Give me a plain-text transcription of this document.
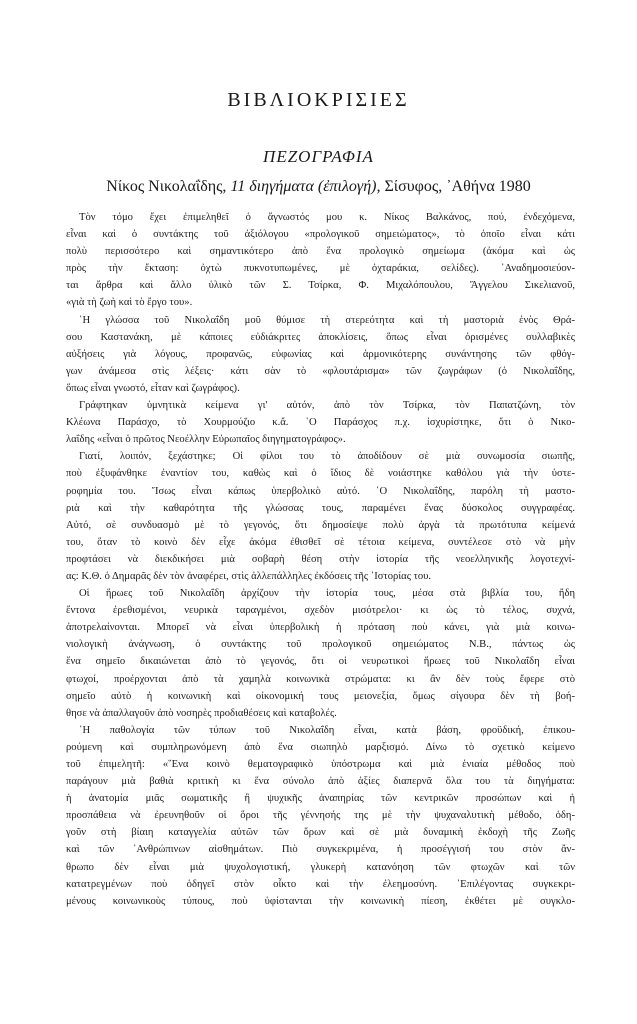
ΒΙΒΛΙΟΚΡΙΣΙΕΣ
ΠΕΖΟΓΡΑΦΙΑ
Νίκος Νικολαΐδης, 11 διηγήματα (ἐπιλογή), Σίσυφος, ᾿Αθήνα 1980
Τὸν τόμο ἔχει ἐπιμεληθεῖ ὁ ἄγνωστός μου κ. Νίκος Βαλκάνος, πού, ἐνδεχόμενα,
εἶναι καὶ ὁ συντάκτης τοῦ ἀξιόλογου «προλογικοῦ σημειώματος», τὸ ὁποῖο εἶναι κάτι
πολὺ περισσότερο καὶ σημαντικότερο ἀπὸ ἕνα προλογικὸ σημείωμα (ἀκόμα καὶ ὡς
πρὸς τὴν ἔκταση: ὀχτὼ πυκνοτυπωμένες, μὲ ὀχταράκια, σελίδες). ᾿Αναδημοσιεύον-
ται ἄρθρα καὶ ἄλλο ὑλικὸ τῶν Σ. Τσίρκα, Φ. Μιχαλόπουλου, Ἄγγελου Σικελιανοῦ,
«γιὰ τὴ ζωὴ καὶ τὸ ἔργο του».
῾Η γλώσσα τοῦ Νικολαΐδη μοῦ θύμισε τὴ στερεότητα καὶ τὴ μαστοριὰ ἑνὸς Θρά-
σου Καστανάκη, μὲ κάποιες εὐδιάκριτες ἀποκλίσεις, ὅπως εἶναι ὁρισμένες συλλαβικὲς
αὐξήσεις γιὰ λόγους, προφανῶς, εὐφωνίας καὶ ἁρμονικότερης συνάντησης τῶν φθόγ-
γων ἀνάμεσα στὶς λέξεις· κάτι σὰν τὸ «φλουτάρισμα» τῶν ζωγράφων (ὁ Νικολαΐδης,
ὅπως εἶναι γνωστό, εἶταν καὶ ζωγράφος).
Γράφτηκαν ὑμνητικὰ κείμενα γι' αὐτόν, ἀπὸ τὸν Τσίρκα, τὸν Παπατζώνη, τὸν
Κλέωνα Παράσχο, τὸ Χουρμούζιο κ.ἄ. ῾Ο Παράσχος π.χ. ἰσχυρίστηκε, ὅτι ὁ Νικο-
λαΐδης «εἶναι ὁ πρῶτος Νεοέλλην Εὐρωπαῖος διηγηματογράφος».
Γιατί, λοιπόν, ξεχάστηκε; Οἱ φίλοι του τὸ ἀποδίδουν σὲ μιὰ συνωμοσία σιωπῆς,
ποὺ ἐξυφάνθηκε ἐναντίον του, καθὼς καὶ ὁ ἴδιος δὲ νοιάστηκε καθόλου γιὰ τὴν ὑστε-
ροφημία του. Ἴσως εἶναι κάπως ὑπερβολικὸ αὐτό. ῾Ο Νικολαΐδης, παρόλη τὴ μαστο-
ριὰ καὶ τὴν καθαρότητα τῆς γλώσσας τους, παραμένει ἕνας δύσκολος συγγραφέας.
Αὐτό, σὲ συνδυασμὸ μὲ τὸ γεγονός, ὅτι δημοσίεψε πολὺ ἀργὰ τὰ πρωτότυπα κείμενά
του, ὅταν τὸ κοινὸ δὲν εἶχε ἀκόμα ἐθισθεῖ σὲ τέτοια κείμενα, συντέλεσε στὸ νὰ μὴν
προφτάσει νὰ διεκδικήσει μιὰ σοβαρὴ θέση στὴν ἱστορία τῆς νεοελληνικῆς λογοτεχνί-
ας: Κ.Θ. ὁ Δημαρᾶς δὲν τὸν ἀναφέρει, στὶς ἀλλεπάλληλες ἐκδόσεις τῆς ῾Ιστορίας του.
Οἱ ἥρωες τοῦ Νικολαΐδη ἀρχίζουν τὴν ἱστορία τους, μέσα στὰ βιβλία του, ἤδη
ἔντονα ἐρεθισμένοι, νευρικὰ ταραγμένοι, σχεδὸν μισότρελοι· κι ὡς τὸ τέλος, συχνά,
ἀποτρελαίνονται. Μπορεῖ νὰ εἶναι ὑπερβολικὴ ἡ πρόταση ποὺ κάνει, γιὰ μιὰ κοινω-
νιολογικὴ ἀνάγνωση, ὁ συντάκτης τοῦ προλογικοῦ σημειώματος Ν.Β., πάντως ὡς
ἕνα σημεῖο δικαιώνεται ἀπὸ τὸ γεγονός, ὅτι οἱ νευρωτικοὶ ἥρωες τοῦ Νικολαΐδη εἶναι
φτωχοί, προέρχονται ἀπὸ τὰ χαμηλὰ κοινωνικὰ στρώματα: κι ἂν δὲν τοὺς ἔφερε στὸ
σημεῖο αὐτὸ ἡ κοινωνικὴ καὶ οἰκονομική τους μειονεξία, ὅμως σίγουρα δὲν τὴ βοή-
θησε νὰ ἀπαλλαγοῦν ἀπὸ νοσηρὲς προδιαθέσεις καὶ καταβολές.
῾Η παθολογία τῶν τύπων τοῦ Νικολαΐδη εἶναι, κατὰ βάση, φροϋδική, ἐπικου-
ρούμενη καὶ συμπληρωνόμενη ἀπὸ ἕνα σιωπηλὸ μαρξισμό. Δίνω τὸ σχετικὸ κείμενο
τοῦ ἐπιμελητῆ: «῞Ενα κοινὸ θεματογραφικὸ ὑπόστρωμα καὶ μιὰ ἑνιαία μέθοδος ποὺ
παράγουν μιὰ βαθιὰ κριτικὴ κι ἕνα σύνολο ἀπὸ ἀξίες διαπερνᾶ ὅλα του τὰ διηγήματα:
ἡ ἀνατομία μιᾶς σωματικῆς ἢ ψυχικῆς ἀναπηρίας τῶν κεντρικῶν προσώπων καὶ ἡ
προσπάθεια νὰ ἐρευνηθοῦν οἱ ὅροι τῆς γέννησής της μὲ τὴν ψυχαναλυτικὴ μέθοδο, ὁδη-
γοῦν στὴ βίαιη καταγγελία αὐτῶν τῶν ὅρων καὶ σὲ μιὰ δυναμικὴ ἐκδοχὴ τῆς Ζωῆς
καὶ τῶν ᾿Ανθρώπινων αἰσθημάτων. Πιὸ συγκεκριμένα, ἡ προσέγγισή του στὸν ἄν-
θρωπο δὲν εἶναι μιὰ ψυχολογιστική, γλυκερὴ κατανόηση τῶν φτωχῶν καὶ τῶν
κατατρεγμένων ποὺ ὁδηγεῖ στὸν οἶκτο καὶ τὴν ἐλεημοσύνη. ᾿Επιλέγοντας συγκεκρι-
μένους κοινωνικοὺς τύπους, ποὺ ὑφίστανται τὴν κοινωνικὴ πίεση, ἐκθέτει μὲ συγκλο-
